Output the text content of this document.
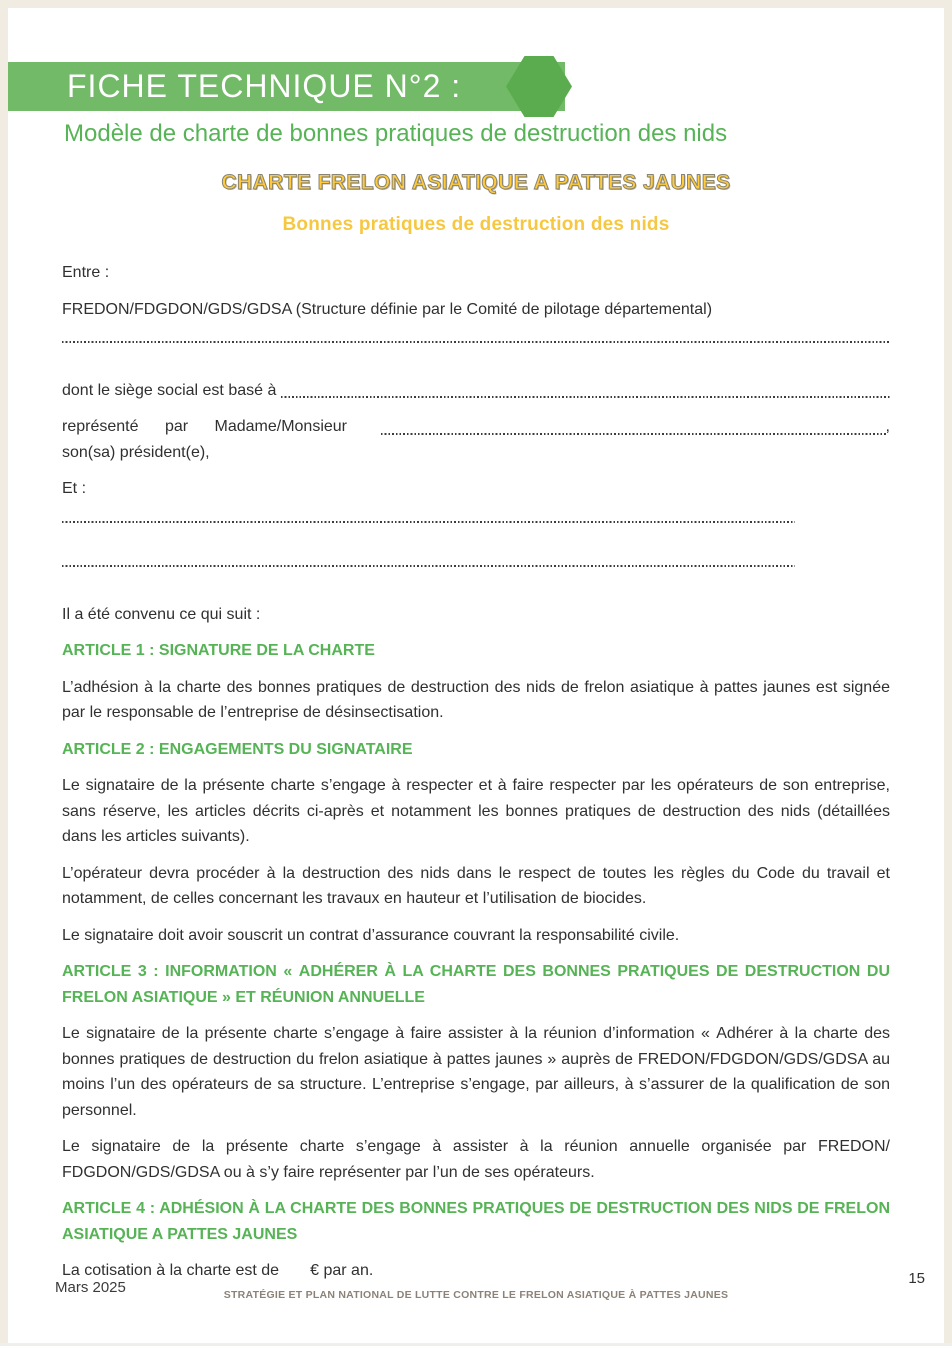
FICHE TECHNIQUE N°2 :
Modèle de charte de bonnes pratiques de destruction des nids
CHARTE FRELON ASIATIQUE A PATTES JAUNES
Bonnes pratiques de destruction des nids

Entre :

FREDON/FDGDON/GDS/GDSA (Structure définie par le Comité de pilotage départemental)

dont le siège social est basé à
représenté par Madame/Monsieur	,

son(sa) président(e),

Et :

Il a été convenu ce qui suit :

ARTICLE 1 : SIGNATURE DE LA CHARTE

L’adhésion à la charte des bonnes pratiques de destruction des nids de frelon asiatique à pattes jaunes est signée par le responsable de l’entreprise de désinsectisation.

ARTICLE 2 : ENGAGEMENTS DU SIGNATAIRE

Le signataire de la présente charte s’engage à respecter et à faire respecter par les opérateurs de son entreprise, sans réserve, les articles décrits ci-après et notamment les bonnes pratiques de destruction des nids (détaillées dans les articles suivants).

L’opérateur devra procéder à la destruction des nids dans le respect de toutes les règles du Code du travail et notamment, de celles concernant les travaux en hauteur et l’utilisation de biocides.

Le signataire doit avoir souscrit un contrat d’assurance couvrant la responsabilité civile.

ARTICLE 3 : INFORMATION « ADHÉRER À LA CHARTE DES BONNES PRATIQUES DE DESTRUCTION DU FRELON ASIATIQUE » ET RÉUNION ANNUELLE

Le signataire de la présente charte s’engage à faire assister à la réunion d’information « Adhérer à la charte des bonnes pratiques de destruction du frelon asiatique à pattes jaunes » auprès de FREDON/FDGDON/GDS/GDSA au moins l’un des opérateurs de sa structure. L’entreprise s’engage, par ailleurs, à s’assurer de la qualification de son personnel.

Le signataire de la présente charte s’engage à assister à la réunion annuelle organisée par FREDON/​FDGDON/GDS/GDSA ou à s’y faire représenter par l’un de ses opérateurs.

ARTICLE 4 : ADHÉSION À LA CHARTE DES BONNES PRATIQUES DE DESTRUCTION DES NIDS DE FRELON ASIATIQUE A PATTES JAUNES

La cotisation à la charte est de       € par an.

Mars 2025	STRATÉGIE ET PLAN NATIONAL DE LUTTE CONTRE LE FRELON ASIATIQUE À PATTES JAUNES
15
